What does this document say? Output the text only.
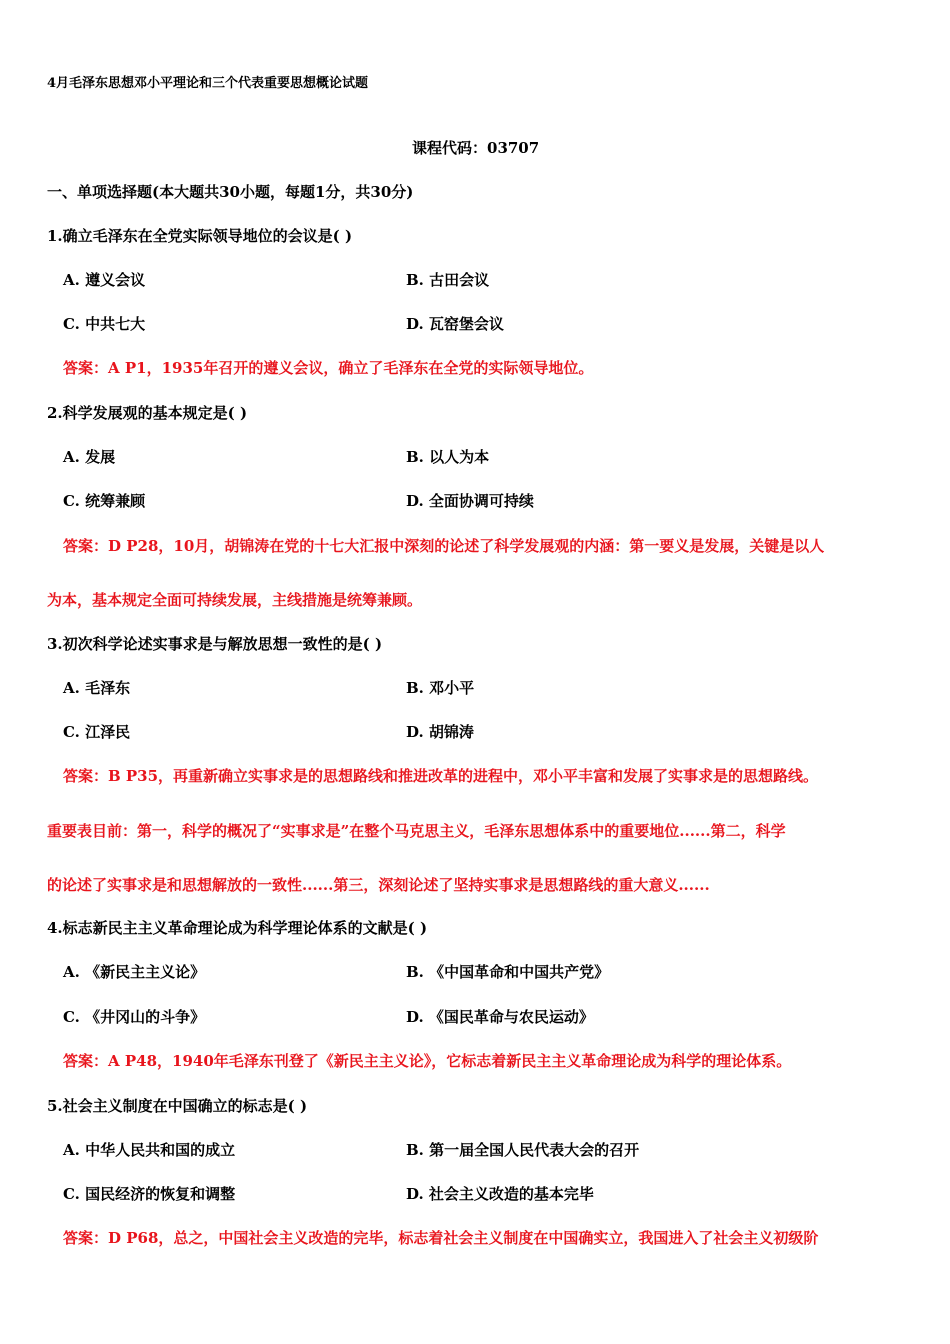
4月毛泽东思想邓小平理论和三个代表重要思想概论试题
课程代码：03707
一、单项选择题(本大题共30小题，每题1分，共30分)
1.确立毛泽东在全党实际领导地位的会议是( )
A. 遵义会议	B. 古田会议
C. 中共七大	D. 瓦窑堡会议
答案：A P1，1935年召开的遵义会议，确立了毛泽东在全党的实际领导地位。
2.科学发展观的基本规定是( )
A. 发展	B. 以人为本
C. 统筹兼顾	D. 全面协调可持续
答案：D P28，10月，胡锦涛在党的十七大汇报中深刻的论述了科学发展观的内涵：第一要义是发展，关键是以人
为本，基本规定全面可持续发展，主线措施是统筹兼顾。
3.初次科学论述实事求是与解放思想一致性的是( )
A. 毛泽东	B. 邓小平
C. 江泽民	D. 胡锦涛
答案：B P35，再重新确立实事求是的思想路线和推进改革的进程中，邓小平丰富和发展了实事求是的思想路线。
重要表目前：第一，科学的概况了“实事求是”在整个马克思主义，毛泽东思想体系中的重要地位......第二，科学
的论述了实事求是和思想解放的一致性......第三，深刻论述了坚持实事求是思想路线的重大意义......
4.标志新民主主义革命理论成为科学理论体系的文献是( )
A. 《新民主主义论》	B. 《中国革命和中国共产党》
C. 《井冈山的斗争》	D. 《国民革命与农民运动》
答案：A P48，1940年毛泽东刊登了《新民主主义论》，它标志着新民主主义革命理论成为科学的理论体系。
5.社会主义制度在中国确立的标志是( )
A. 中华人民共和国的成立	B. 第一届全国人民代表大会的召开
C. 国民经济的恢复和调整	D. 社会主义改造的基本完毕
答案：D P68，总之，中国社会主义改造的完毕，标志着社会主义制度在中国确实立，我国进入了社会主义初级阶
